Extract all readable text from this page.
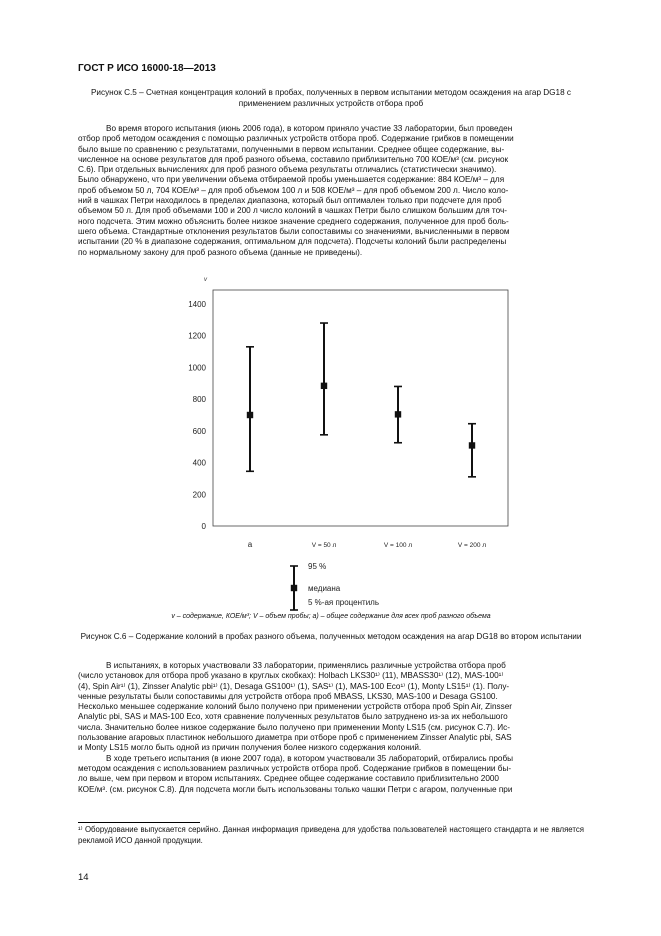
ГОСТ Р ИСО 16000-18—2013
Рисунок С.5 – Счетная концентрация колоний в пробах, полученных в первом испытании методом осаждения на агар DG18 с применением различных устройств отбора проб
Во время второго испытания (июнь 2006 года), в котором приняло участие 33 лаборатории, был проведен
отбор проб методом осаждения с помощью различных устройств отбора проб. Содержание грибков в помещении
было выше по сравнению с результатами, полученными в первом испытании. Среднее общее содержание, вы-
численное на основе результатов для проб разного объема, составило приблизительно 700 КОЕ/м³ (см. рисунок
С.6). При отдельных вычислениях для проб разного объема результаты отличались (статистически значимо).
Было обнаружено, что при увеличении объема отбираемой пробы уменьшается содержание: 884 КОЕ/м³ – для
проб объемом 50 л, 704 КОЕ/м³ – для проб объемом 100 л и 508 КОЕ/м³ – для проб объемом 200 л. Число коло-
ний в чашках Петри находилось в пределах диапазона, который был оптимален только при подсчете для проб
объемом 50 л. Для проб объемами 100 и 200 л число колоний в чашках Петри было слишком большим для точ-
ного подсчета. Этим можно объяснить более низкое значение среднего содержания, полученное для проб боль-
шего объема. Стандартные отклонения результатов были сопоставимы со значениями, вычисленными в первом
испытании (20 % в диапазоне содержания, оптимальном для подсчета). Подсчеты колоний были распределены
по нормальному закону для проб разного объема (данные не приведены).
v
0
200
400
600
800
1000
1200
1400
а	V = 50 л	V = 100 л	V = 200 л
95 %
медиана
5 %-ая процентиль
v – содержание, КОЕ/м³; V – объем пробы; а) – общее содержание для всех проб разного объема
Рисунок С.6 – Содержание колоний в пробах разного объема, полученных методом осаждения на агар DG18 во втором испытании
В испытаниях, в которых участвовали 33 лаборатории, применялись различные устройства отбора проб
(число установок для отбора проб указано в круглых скобках): Holbach LKS30¹⁾ (11), MBASS30¹⁾ (12), MAS-100¹⁾
(4), Spin Air¹⁾ (1), Zinsser Analytic pbi¹⁾ (1), Desaga GS100¹⁾ (1), SAS¹⁾ (1), MAS-100 Eco¹⁾ (1), Monty LS15¹⁾ (1). Полу-
ченные результаты были сопоставимы для устройств отбора проб MBASS, LKS30, MAS-100 и Desaga GS100.
Несколько меньшее содержание колоний было получено при применении устройств отбора проб Spin Air, Zinsser
Analytic pbi, SAS и MAS-100 Eco, хотя сравнение полученных результатов было затруднено из-за их небольшого
числа. Значительно более низкое содержание было получено при применении Monty LS15 (см. рисунок С.7). Ис-
пользование агаровых пластинок небольшого диаметра при отборе проб с применением Zinsser Analytic pbi, SAS
и Monty LS15 могло быть одной из причин получения более низкого содержания колоний.
В ходе третьего испытания (в июне 2007 года), в котором участвовали 35 лабораторий, отбирались пробы
методом осаждения с использованием различных устройств отбора проб. Содержание грибков в помещении бы-
ло выше, чем при первом и втором испытаниях. Среднее общее содержание составило приблизительно 2000
КОЕ/м³. (см. рисунок С.8). Для подсчета могли быть использованы только чашки Петри с агаром, полученные при
¹⁾ Оборудование выпускается серийно. Данная информация приведена для удобства пользователей настоящего стандарта и не является рекламой ИСО данной продукции.
14
